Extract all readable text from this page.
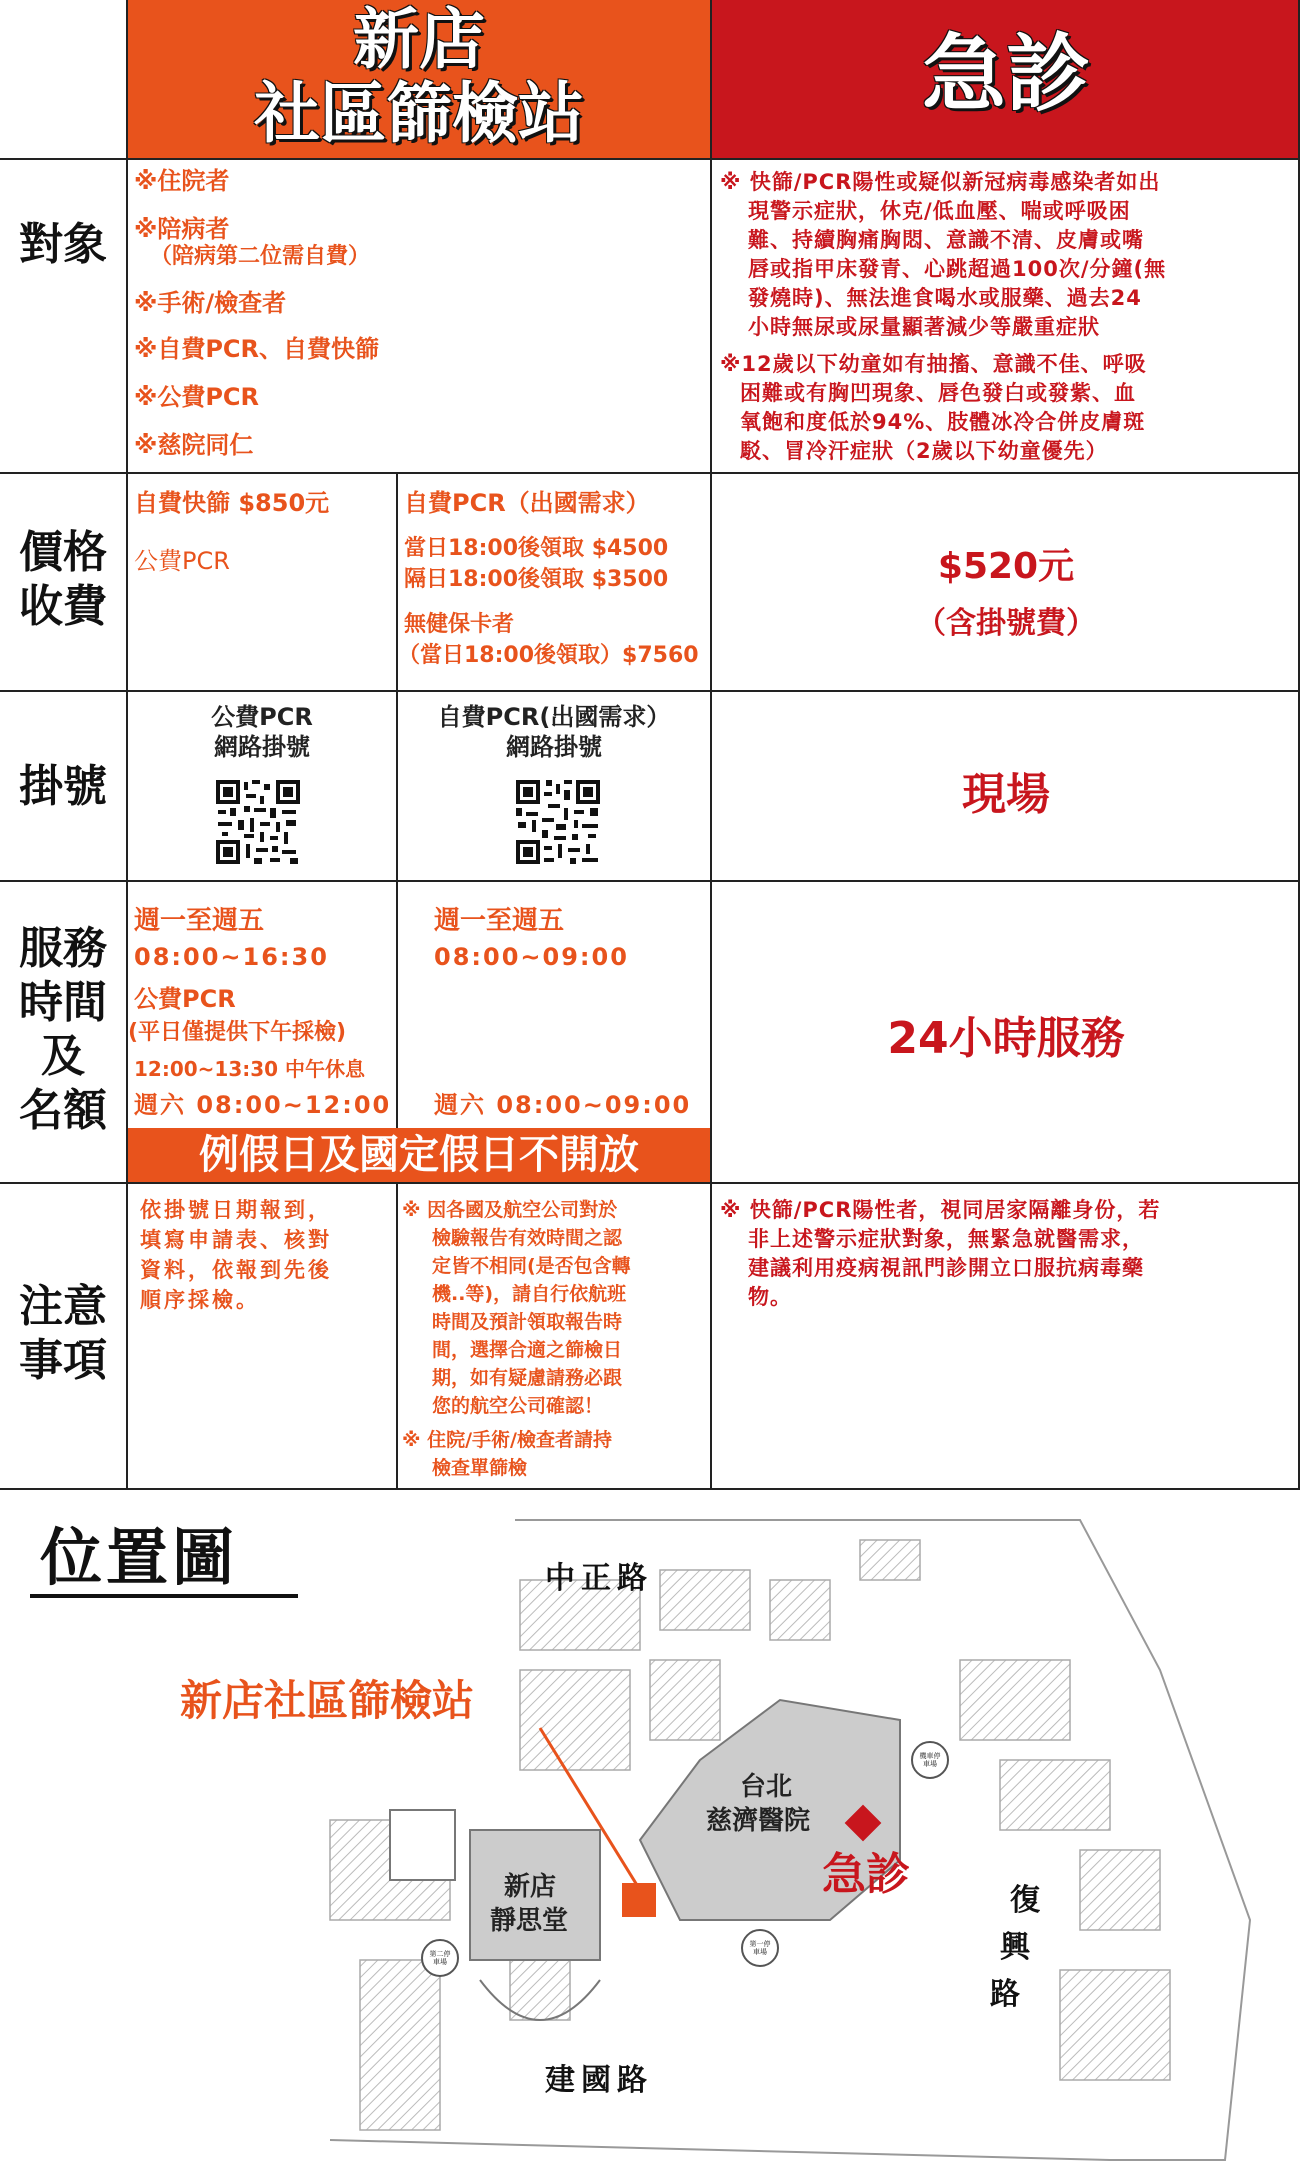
新店
社區篩檢站	急診
對象
※住院者
※陪病者
（陪病第二位需自費）
※手術/檢查者
※自費PCR、自費快篩
※公費PCR
※慈院同仁
※ 快篩/PCR陽性或疑似新冠病毒感染者如出
現警示症狀，休克/低血壓、喘或呼吸困
難、持續胸痛胸悶、意識不清、皮膚或嘴
唇或指甲床發青、心跳超過100次/分鐘(無
發燒時)、無法進食喝水或服藥、過去24
小時無尿或尿量顯著減少等嚴重症狀
※12歲以下幼童如有抽搐、意識不佳、呼吸
困難或有胸凹現象、唇色發白或發紫、血
氧飽和度低於94%、肢體冰冷合併皮膚斑
駁、冒冷汗症狀（2歲以下幼童優先）
價格
收費
自費快篩 $850元
公費PCR
自費PCR（出國需求）
當日18:00後領取 $4500
隔日18:00後領取 $3500
無健保卡者
（當日18:00後領取）$7560
$520元
（含掛號費）
掛號
公費PCR
網路掛號
自費PCR(出國需求）
網路掛號
現場
服務
時間
及
名額
週一至週五
08:00~16:30
公費PCR
(平日僅提供下午採檢)
12:00~13:30 中午休息
週六 08:00~12:00
週一至週五
08:00~09:00
週六 08:00~09:00
例假日及國定假日不開放
24小時服務
注意
事項
依掛號日期報到，
填寫申請表、核對
資料，依報到先後
順序採檢。
※ 因各國及航空公司對於
檢驗報告有效時間之認
定皆不相同(是否包含轉
機..等)，請自行依航班
時間及預計領取報告時
間，選擇合適之篩檢日
期，如有疑慮請務必跟
您的航空公司確認！
※ 住院/手術/檢查者請持
檢查單篩檢
※ 快篩/PCR陽性者，視同居家隔離身份，若
非上述警示症狀對象，無緊急就醫需求，
建議利用疫病視訊門診開立口服抗病毒藥
物。
位置圖	中正路
建國路
復
興
路
新店社區篩檢站
台北
慈濟醫院
新店
靜思堂
急診
機車停車場
第二停車場
第一停車場
